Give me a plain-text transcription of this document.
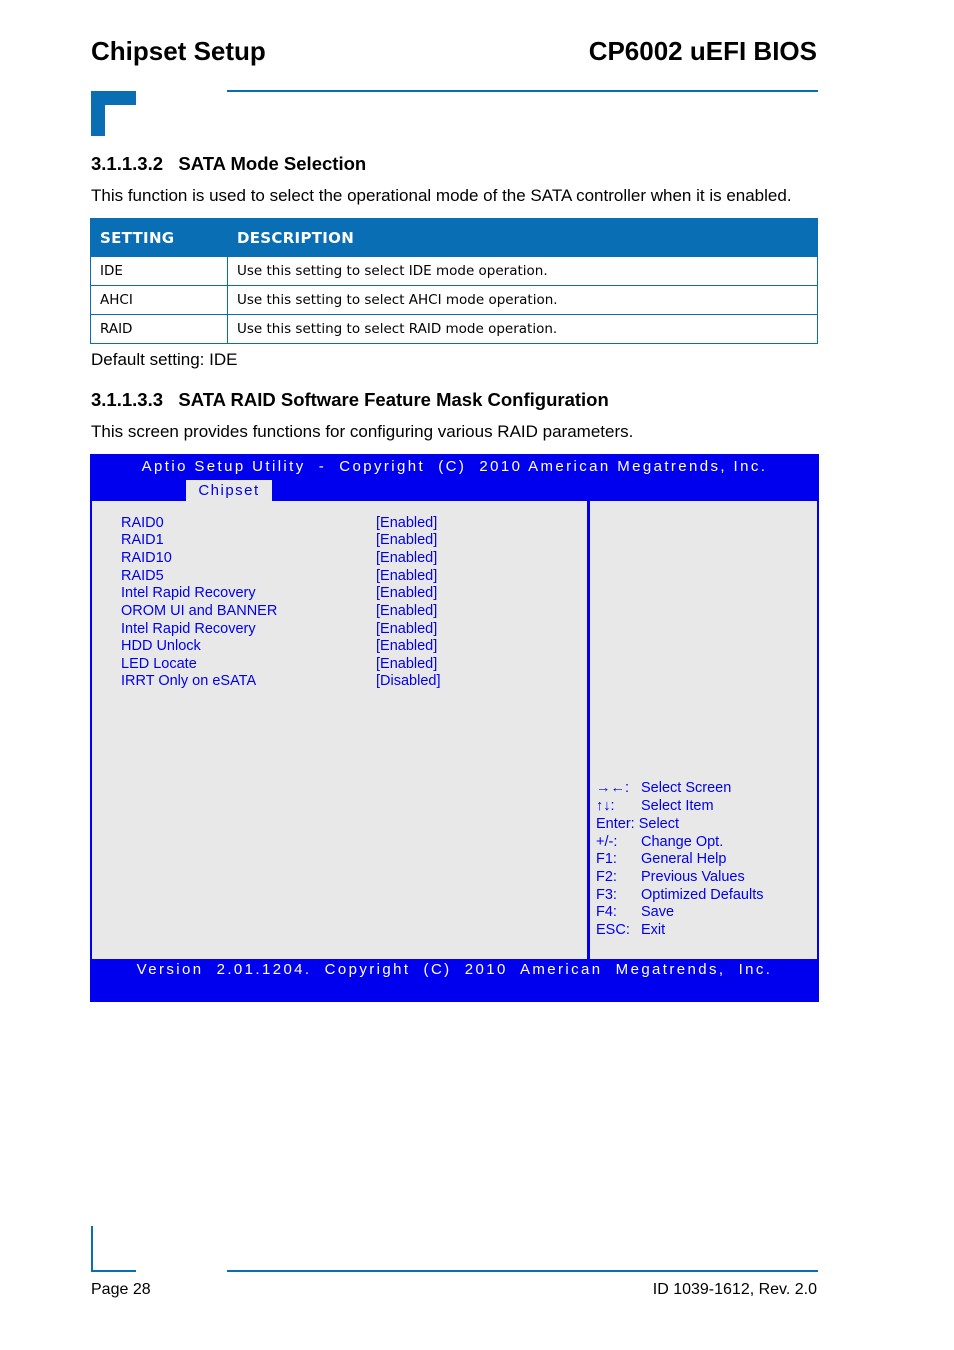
Chipset Setup	CP6002 uEFI BIOS
3.1.1.3.2   SATA Mode Selection
This function is used to select the operational mode of the SATA controller when it is enabled.
SETTING	DESCRIPTION
IDE	Use this setting to select IDE mode operation.
AHCI	Use this setting to select AHCI mode operation.
RAID	Use this setting to select RAID mode operation.
Default setting: IDE
3.1.1.3.3   SATA RAID Software Feature Mask Configuration
This screen provides functions for configuring various RAID parameters.
Aptio Setup Utility  -  Copyright  (C)  2010 American Megatrends, Inc.
Chipset
RAID0	[Enabled]
RAID1	[Enabled]
RAID10	[Enabled]
RAID5	[Enabled]
Intel Rapid Recovery	[Enabled]
OROM UI and BANNER	[Enabled]
Intel Rapid Recovery	[Enabled]
HDD Unlock	[Enabled]
LED Locate	[Enabled]
IRRT Only on eSATA	[Disabled]
→←: Select Screen
↑↓: Select Item
Enter: Select
+/-: Change Opt.
F1: General Help
F2: Previous Values
F3: Optimized Defaults
F4: Save
ESC: Exit
Version  2.01.1204.  Copyright  (C)  2010  American  Megatrends,  Inc.
Page 28	ID 1039-1612, Rev. 2.0
